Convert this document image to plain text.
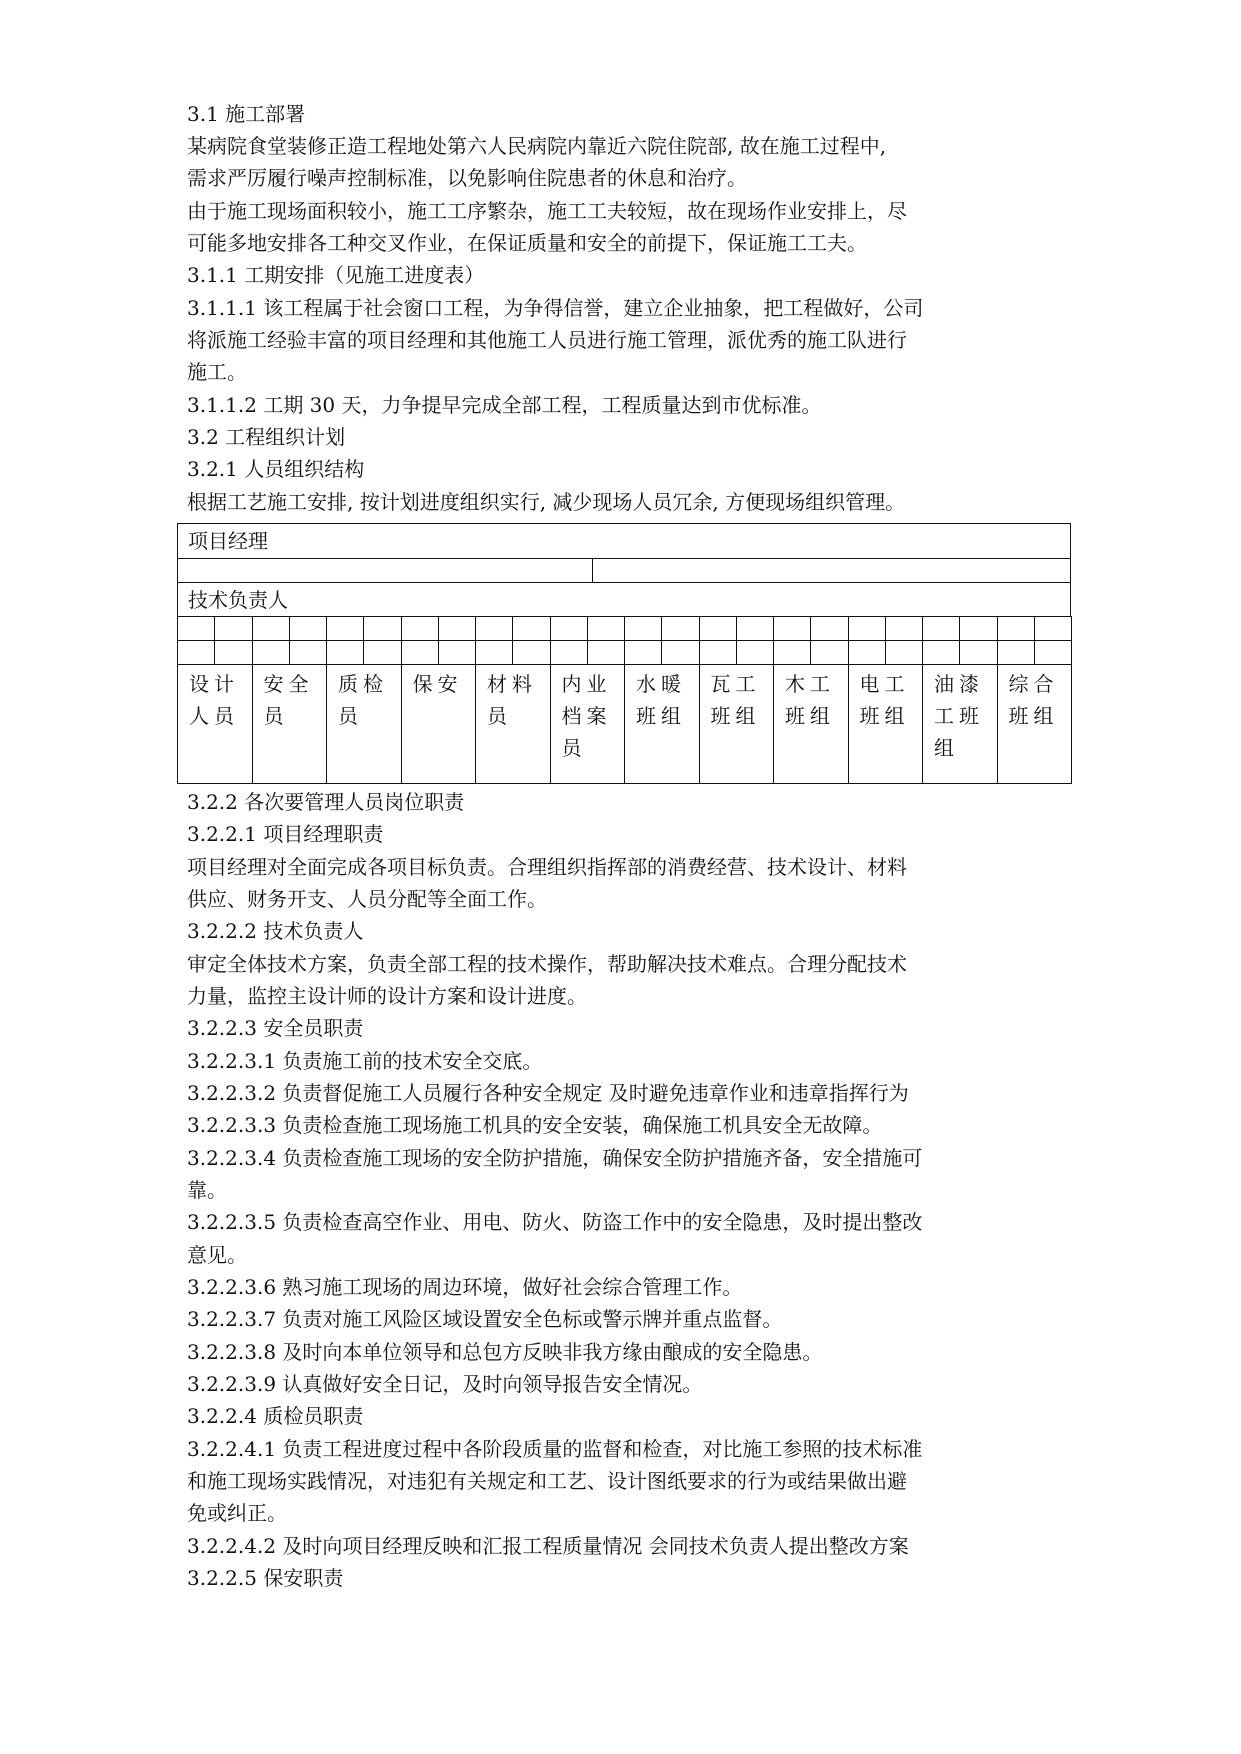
3.1 施工部署
某病院食堂装修正造工程地处第六人民病院内靠近六院住院部, 故在施工过程中,
需求严厉履行噪声控制标准，以免影响住院患者的休息和治疗。
由于施工现场面积较小，施工工序繁杂，施工工夫较短，故在现场作业安排上，尽
可能多地安排各工种交叉作业，在保证质量和安全的前提下，保证施工工夫。
3.1.1 工期安排（见施工进度表）
3.1.1.1 该工程属于社会窗口工程，为争得信誉，建立企业抽象，把工程做好，公司
将派施工经验丰富的项目经理和其他施工人员进行施工管理，派优秀的施工队进行
施工。
3.1.1.2 工期 30 天，力争提早完成全部工程，工程质量达到市优标准。
3.2 工程组织计划
3.2.1 人员组织结构
根据工艺施工安排, 按计划进度组织实行, 减少现场人员冗余, 方便现场组织管理。
项目经理
技术负责人
设计人员
安全员
质检员
保安	材料员
内业档案员
水暖班组
瓦工班组
木工班组
电工班组
油漆工班组
综合班组
3.2.2 各次要管理人员岗位职责
3.2.2.1 项目经理职责
项目经理对全面完成各项目标负责。合理组织指挥部的消费经营、技术设计、材料
供应、财务开支、人员分配等全面工作。
3.2.2.2 技术负责人
审定全体技术方案，负责全部工程的技术操作，帮助解决技术难点。合理分配技术
力量，监控主设计师的设计方案和设计进度。
3.2.2.3 安全员职责
3.2.2.3.1 负责施工前的技术安全交底。
3.2.2.3.2 负责督促施工人员履行各种安全规定 及时避免违章作业和违章指挥行为
3.2.2.3.3 负责检查施工现场施工机具的安全安装，确保施工机具安全无故障。
3.2.2.3.4 负责检查施工现场的安全防护措施，确保安全防护措施齐备，安全措施可
靠。
3.2.2.3.5 负责检查高空作业、用电、防火、防盗工作中的安全隐患，及时提出整改
意见。
3.2.2.3.6 熟习施工现场的周边环境，做好社会综合管理工作。
3.2.2.3.7 负责对施工风险区域设置安全色标或警示牌并重点监督。
3.2.2.3.8 及时向本单位领导和总包方反映非我方缘由酿成的安全隐患。
3.2.2.3.9 认真做好安全日记，及时向领导报告安全情况。
3.2.2.4 质检员职责
3.2.2.4.1 负责工程进度过程中各阶段质量的监督和检查，对比施工参照的技术标准
和施工现场实践情况，对违犯有关规定和工艺、设计图纸要求的行为或结果做出避
免或纠正。
3.2.2.4.2 及时向项目经理反映和汇报工程质量情况 会同技术负责人提出整改方案
3.2.2.5 保安职责
